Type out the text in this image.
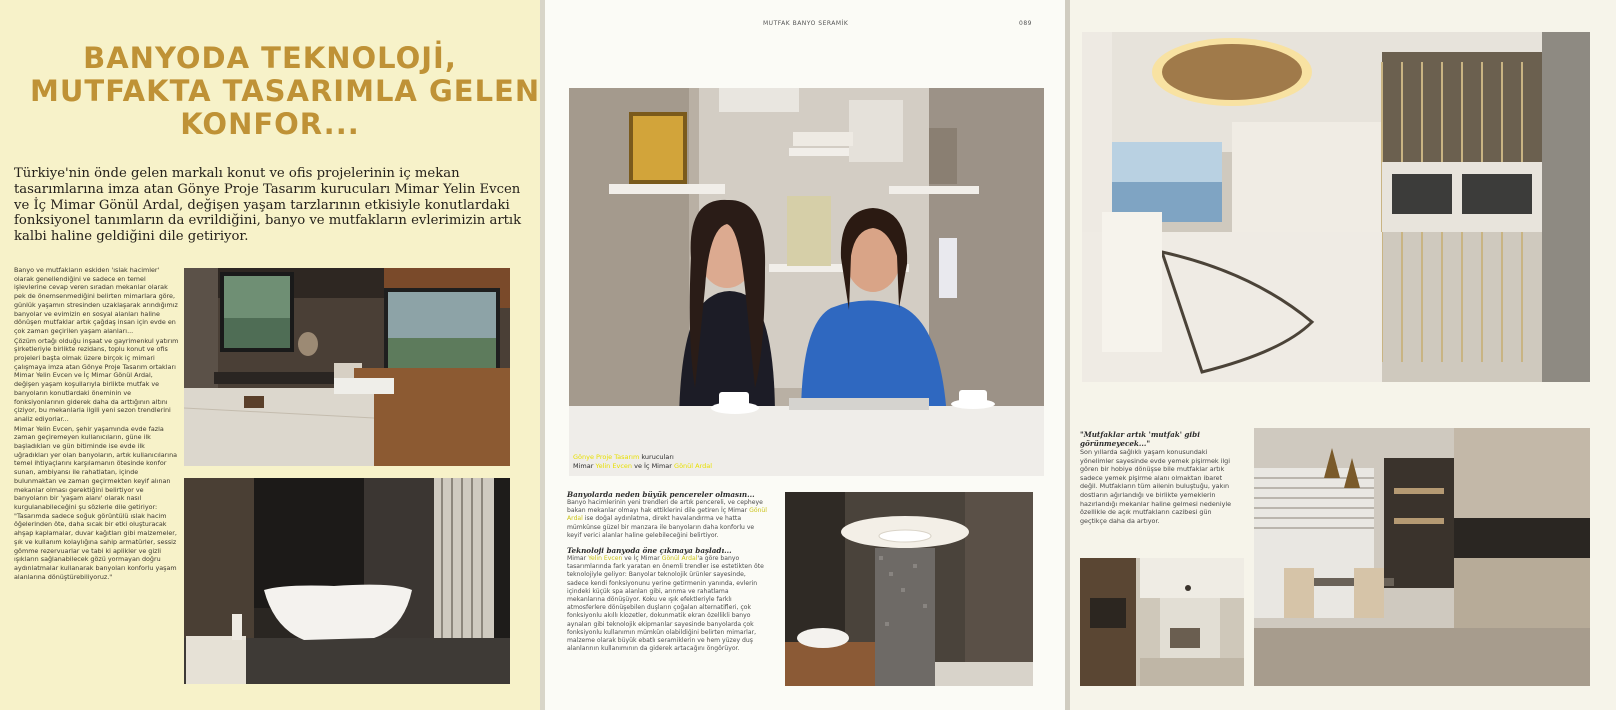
BANYODA TEKNOLOJİ,
MUTFAKTA TASARIMLA GELEN
KONFOR...
Türkiye'nin önde gelen markalı konut ve ofis projelerinin iç mekan tasarımlarına imza atan Gönye Proje Tasarım kurucuları Mimar Yelin Evcen ve İç Mimar Gönül Ardal, değişen yaşam tarzlarının etkisiyle konutlardaki fonksiyonel tanımların da evrildiğini, banyo ve mutfakların evlerimizin artık kalbi haline geldiğini dile getiriyor.

Banyo ve mutfakların eskiden 'ıslak hacimler' olarak genellendiğini ve sadece en temel işlevlerine cevap veren sıradan mekanlar olarak pek de önemsenmediğini belirten mimarlara göre, günlük yaşamın stresinden uzaklaşarak arındığımız banyolar ve evimizin en sosyal alanları haline dönüşen mutfaklar artık çağdaş insan için evde en çok zaman geçirilen yaşam alanları...

Çözüm ortağı olduğu inşaat ve gayrimenkul yatırım şirketleriyle birlikte rezidans, toplu konut ve ofis projeleri başta olmak üzere birçok iç mimari çalışmaya imza atan Gönye Proje Tasarım ortakları Mimar Yelin Evcen ve İç Mimar Gönül Ardal, değişen yaşam koşullarıyla birlikte mutfak ve banyoların konutlardaki öneminin ve fonksiyonlarının giderek daha da arttığının altını çiziyor, bu mekanlarla ilgili yeni sezon trendlerini analiz ediyorlar...

Mimar Yelin Evcen, şehir yaşamında evde fazla zaman geçiremeyen kullanıcıların, güne ilk başladıkları ve gün bitiminde ise evde ilk uğradıkları yer olan banyoların, artık kullanıcılarına temel ihtiyaçlarını karşılamanın ötesinde konfor sunan, ambiyansı ile rahatlatan, içinde bulunmaktan ve zaman geçirmekten keyif alınan mekanlar olması gerektiğini belirtiyor ve banyoların bir 'yaşam alanı' olarak nasıl kurgulanabileceğini şu sözlerle dile getiriyor: "Tasarımda sadece soğuk görüntülü ıslak hacim öğelerinden öte, daha sıcak bir etki oluşturacak ahşap kaplamalar, duvar kağıtları gibi malzemeler, şık ve kullanım kolaylığına sahip armatürler, sessiz gömme rezervuarlar ve tabi ki aplikler ve gizli ışıkların sağlanabilecek gözü yormayan doğru aydınlatmalar kullanarak banyoları konforlu yaşam alanlarına dönüştürebiliyoruz."

MUTFAK BANYO SERAMİK	089
Gönye Proje Tasarım kurucuları
Mimar Yelin Evcen ve İç Mimar Gönül Ardal
Banyolarda neden büyük pencereler olmasın...

Banyo hacimlerinin yeni trendleri de artık pencereli, ve cepheye bakan mekanlar olmayı hak ettiklerini dile getiren İç Mimar Gönül Ardal ise doğal aydınlatma, direkt havalandırma ve hatta mümkünse güzel bir manzara ile banyoların daha konforlu ve keyif verici alanlar haline gelebileceğini belirtiyor.

Teknoloji banyoda öne çıkmaya başladı...

Mimar Yelin Evcen ve İç Mimar Gönül Ardal'a göre banyo tasarımlarında fark yaratan en önemli trendler ise estetikten öte teknolojiyle geliyor: Banyolar teknolojik ürünler sayesinde, sadece kendi fonksiyonunu yerine getirmenin yanında, evlerin içindeki küçük spa alanları gibi, arınma ve rahatlama mekanlarına dönüşüyor. Koku ve ışık efektleriyle farklı atmosferlere dönüşebilen duşların çoğalan alternatifleri, çok fonksiyonlu akıllı klozetler, dokunmatik ekran özellikli banyo aynaları gibi teknolojik ekipmanlar sayesinde banyolarda çok fonksiyonlu kullanımın mümkün olabildiğini belirten mimarlar, malzeme olarak büyük ebatlı seramiklerin ve hem yüzey duş alanlarının kullanımının da giderek artacağını öngörüyor.

"Mutfaklar artık 'mutfak' gibi görünmeyecek..."
Son yıllarda sağlıklı yaşam konusundaki yönelimler sayesinde evde yemek pişirmek ilgi gören bir hobiye dönüşse bile mutfaklar artık sadece yemek pişirme alanı olmaktan ibaret değil. Mutfakların tüm ailenin buluştuğu, yakın dostların ağırlandığı ve birlikte yemeklerin hazırlandığı mekanlar haline gelmesi nedeniyle özellikle de açık mutfakların cazibesi gün geçtikçe daha da artıyor.
